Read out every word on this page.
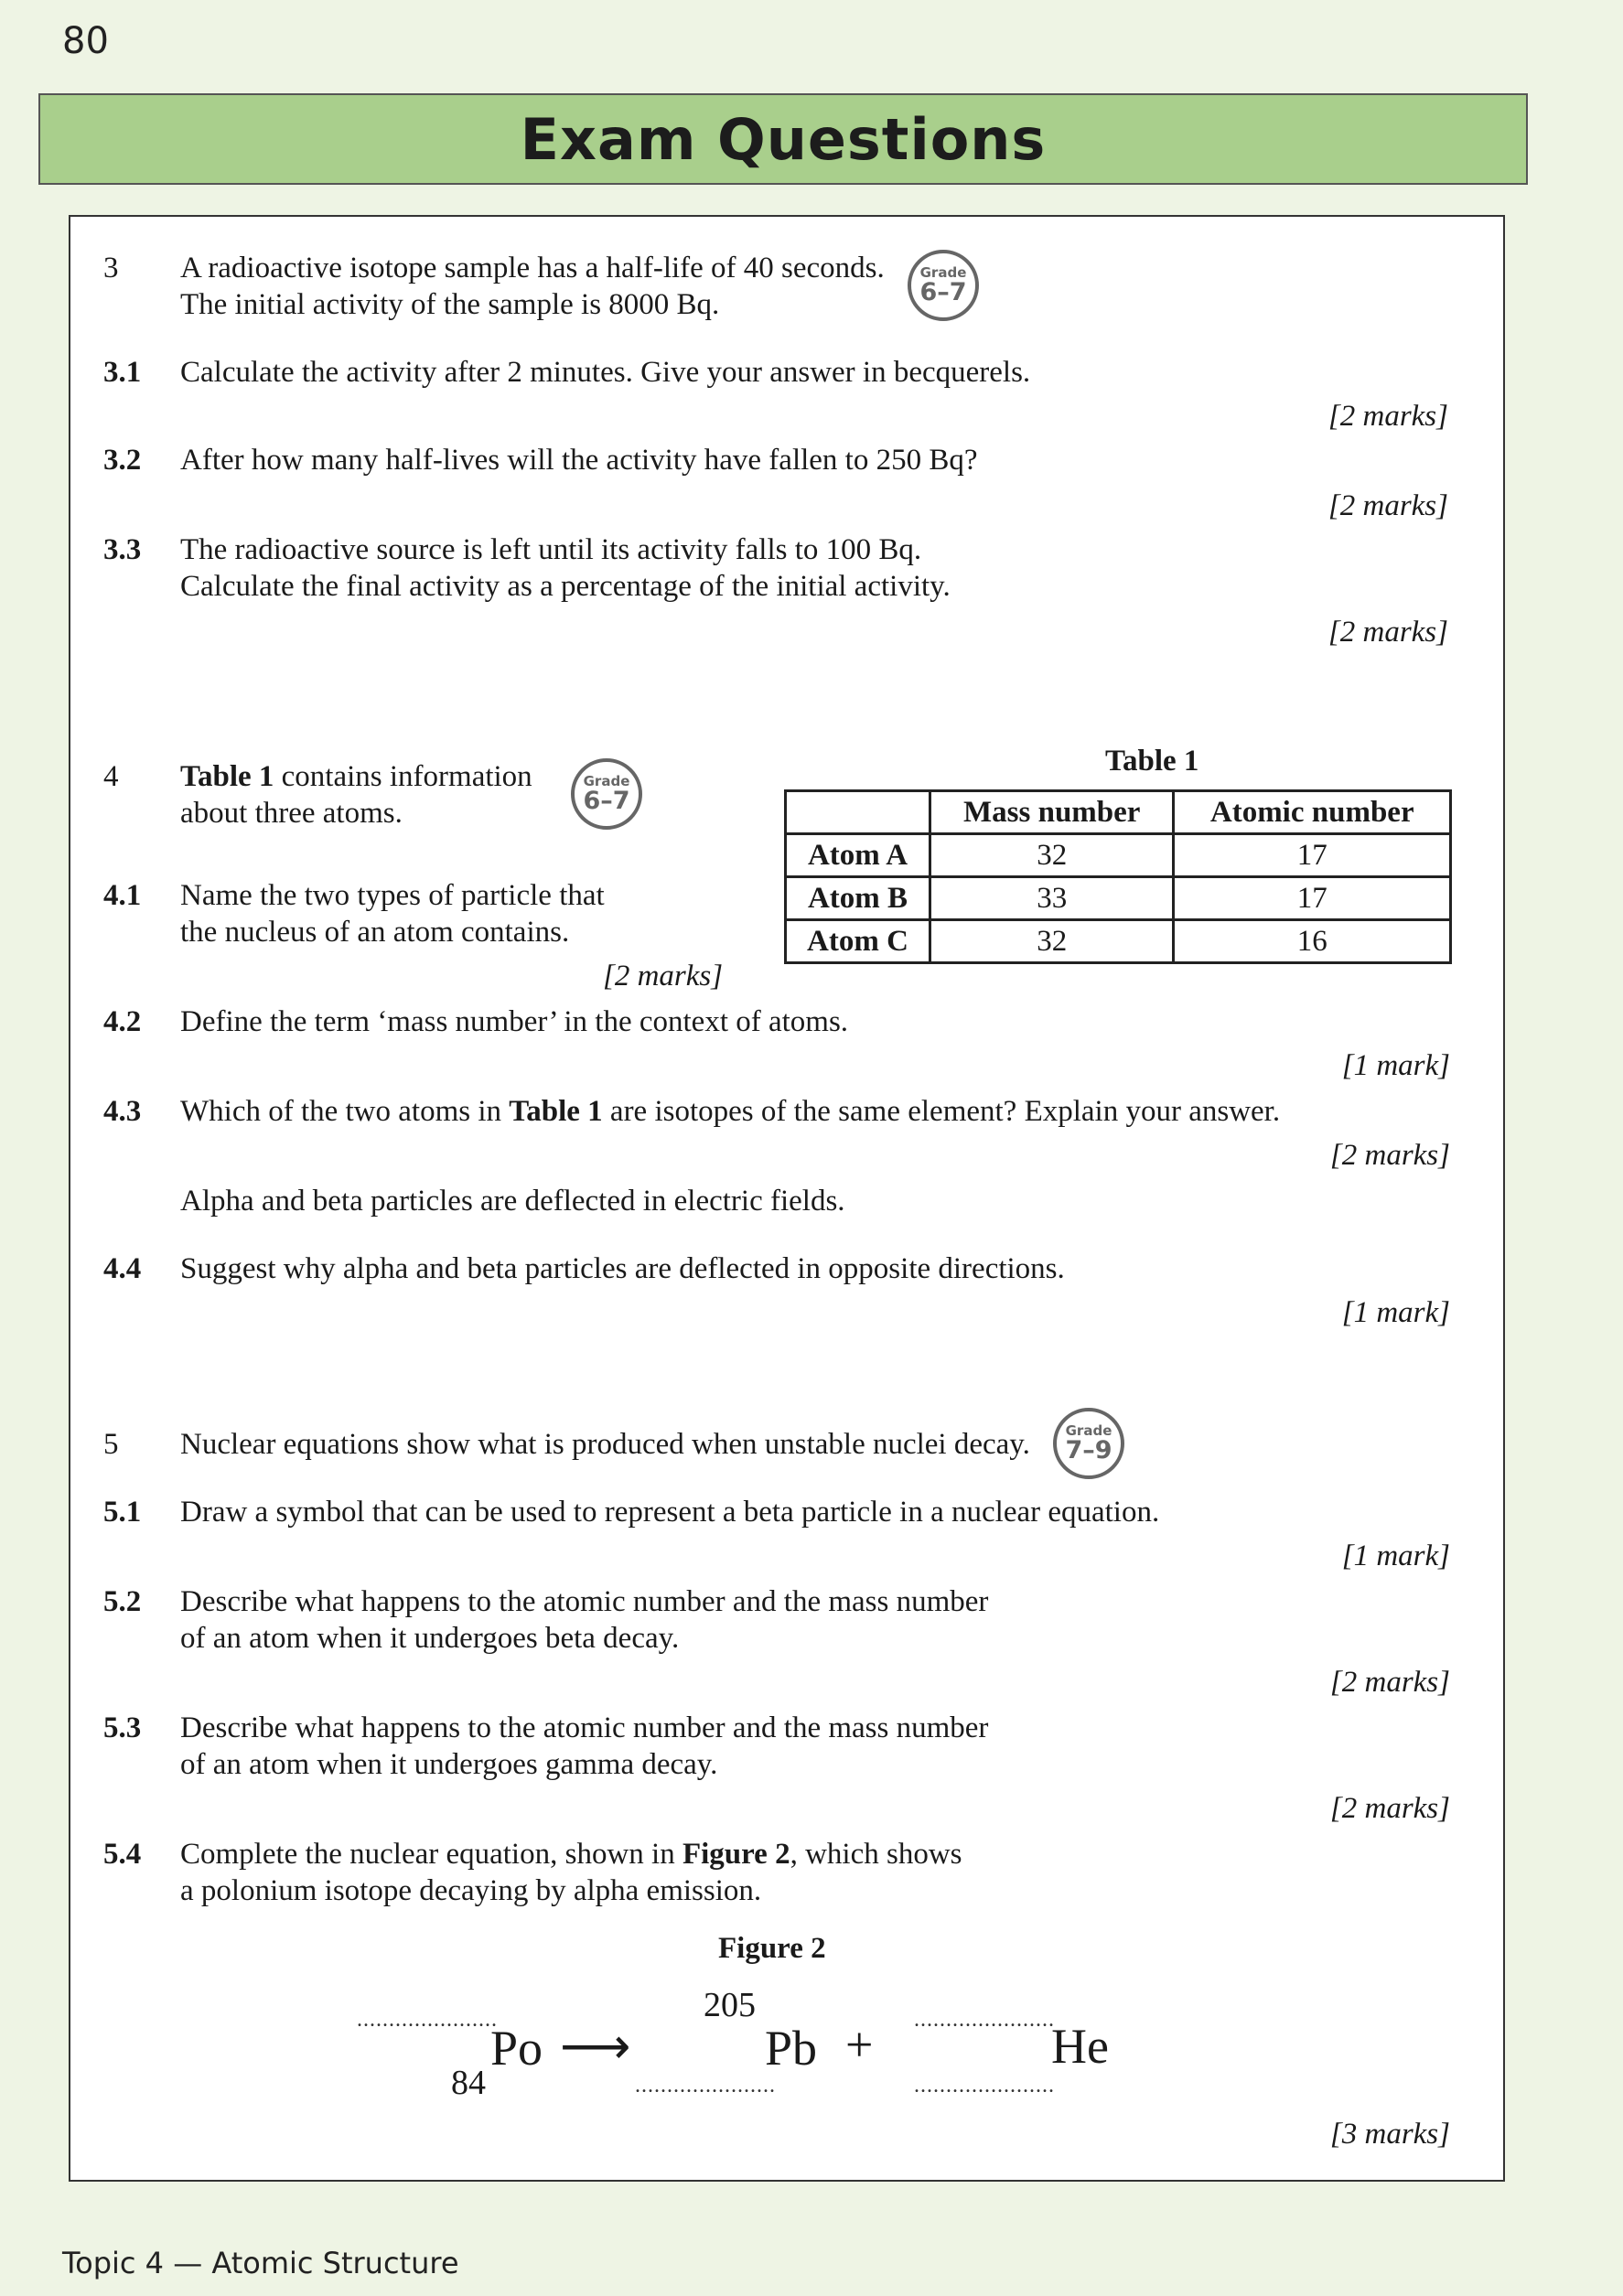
80
Exam Questions
3 A radioactive isotope sample has a half-life of 40 seconds.
The initial activity of the sample is 8000 Bq.
Grade
6–7
3.1 Calculate the activity after 2 minutes. Give your answer in becquerels.
[2 marks]
3.2 After how many half-lives will the activity have fallen to 250 Bq?
[2 marks]
3.3 The radioactive source is left until its activity falls to 100 Bq.
Calculate the final activity as a percentage of the initial activity.
[2 marks]
4 Table 1 contains information
about three atoms.
Grade
6–7
Table 1
	Mass number	Atomic number
Atom A	32	17
Atom B	33	17
Atom C	32	16
4.1 Name the two types of particle that
the nucleus of an atom contains.
[2 marks]
4.2 Define the term ‘mass number’ in the context of atoms.
[1 mark]
4.3 Which of the two atoms in Table 1 are isotopes of the same element? Explain your answer.
[2 marks]
Alpha and beta particles are deflected in electric fields.
4.4 Suggest why alpha and beta particles are deflected in opposite directions.
[1 mark]
5 Nuclear equations show what is produced when unstable nuclei decay.	Grade
7–9
5.1 Draw a symbol that can be used to represent a beta particle in a nuclear equation.
[1 mark]
5.2 Describe what happens to the atomic number and the mass number
of an atom when it undergoes beta decay.
[2 marks]
5.3 Describe what happens to the atomic number and the mass number
of an atom when it undergoes gamma decay.
[2 marks]
5.4 Complete the nuclear equation, shown in Figure 2, which shows
a polonium isotope decaying by alpha emission.
Figure 2
......................
84
Po ⟶
205
......................
Pb + ......................
......................
He
[3 marks]
Topic 4 — Atomic Structure
